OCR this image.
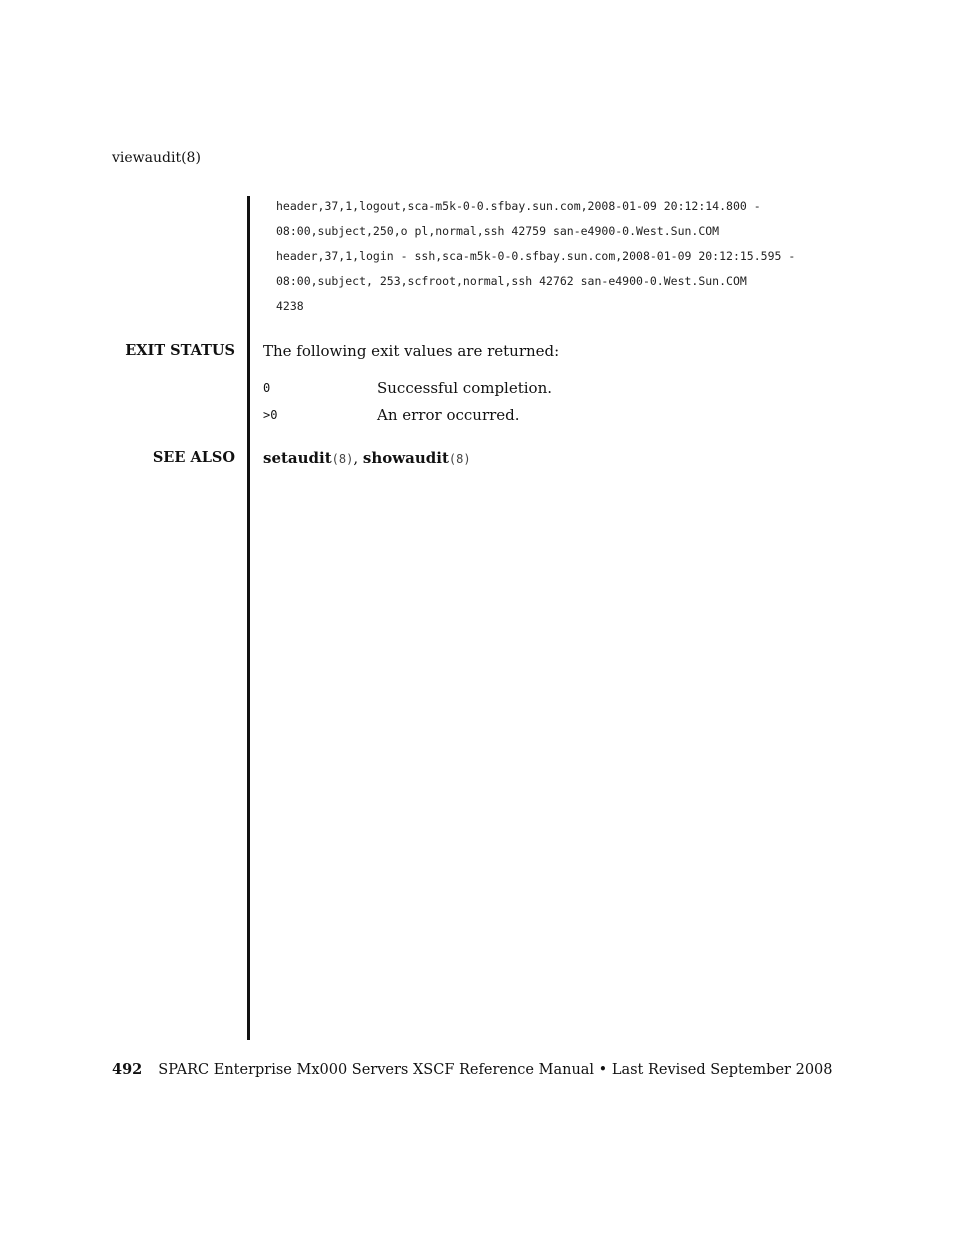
viewaudit(8)
header,37,1,logout,sca-m5k-0-0.sfbay.sun.com,2008-01-09 20:12:14.800 -
08:00,subject,250,o pl,normal,ssh 42759 san-e4900-0.West.Sun.COM
header,37,1,login - ssh,sca-m5k-0-0.sfbay.sun.com,2008-01-09 20:12:15.595 -
08:00,subject, 253,scfroot,normal,ssh 42762 san-e4900-0.West.Sun.COM
4238
EXIT STATUS The following exit values are returned:
0	Successful completion.
>0	An error occurred.
SEE ALSO setaudit(8), showaudit(8)
492 SPARC Enterprise Mx000 Servers XSCF Reference Manual • Last Revised September 2008
